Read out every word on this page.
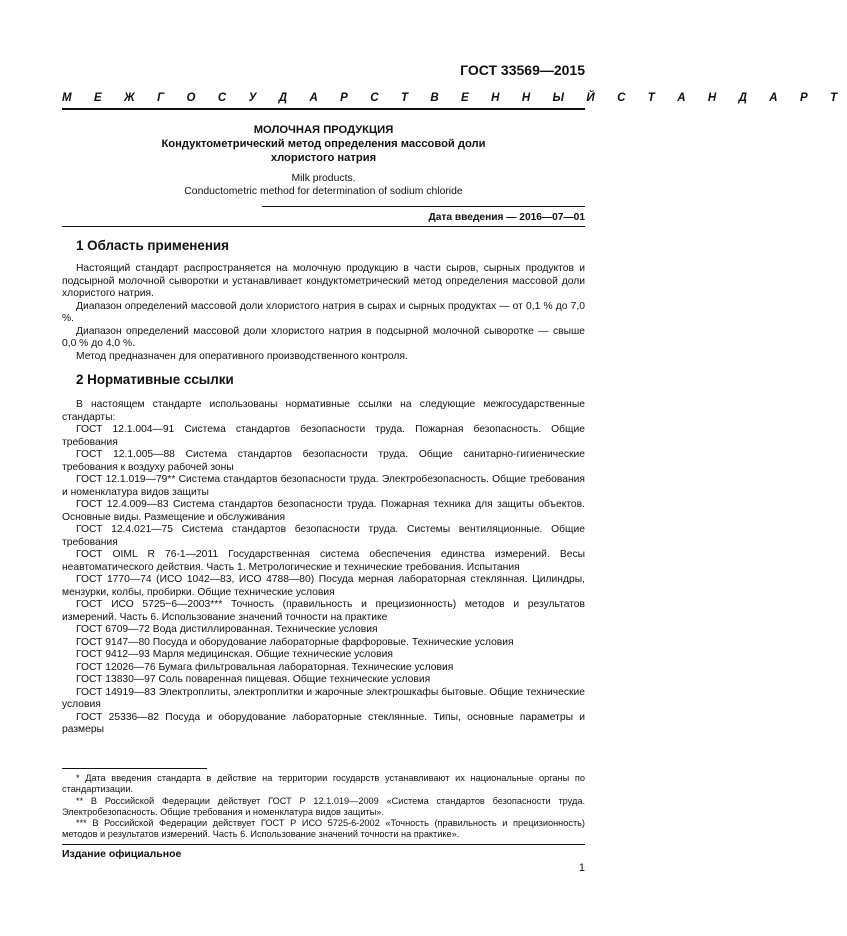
ГОСТ 33569—2015
М Е Ж Г О С У Д А Р С Т В Е Н Н Ы Й С Т А Н Д А Р Т
МОЛОЧНАЯ ПРОДУКЦИЯ
Кондуктометрический метод определения массовой доли
хлористого натрия
Milk products.
Conductometric method for determination of sodium chloride
Дата введения — 2016—07—01
1 Область применения

Настоящий стандарт распространяется на молочную продукцию в части сыров, сырных продуктов и подсырной молочной сыворотки и устанавливает кондуктометрический метод определения массовой доли хлористого натрия.

Диапазон определений массовой доли хлористого натрия в сырах и сырных продуктах — от 0,1 % до 7,0 %.

Диапазон определений массовой доли хлористого натрия в подсырной молочной сыворотке — свыше 0,0 % до 4,0 %.

Метод предназначен для оперативного производственного контроля.

2 Нормативные ссылки

В настоящем стандарте использованы нормативные ссылки на следующие межгосударственные стандарты:

ГОСТ 12.1.004—91 Система стандартов безопасности труда. Пожарная безопасность. Общие требования

ГОСТ 12.1.005—88 Система стандартов безопасности труда. Общие санитарно-гигиенические требования к воздуху рабочей зоны

ГОСТ 12.1.019—79** Система стандартов безопасности труда. Электробезопасность. Общие требования и номенклатура видов защиты

ГОСТ 12.4.009—83 Система стандартов безопасности труда. Пожарная техника для защиты объектов. Основные виды. Размещение и обслуживания

ГОСТ 12.4.021—75 Система стандартов безопасности труда. Системы вентиляционные. Общие требования

ГОСТ OIML R 76-1—2011 Государственная система обеспечения единства измерений. Весы неавтоматического действия. Часть 1. Метрологические и технические требования. Испытания

ГОСТ 1770—74 (ИСО 1042—83, ИСО 4788—80) Посуда мерная лабораторная стеклянная. Цилиндры, мензурки, колбы, пробирки. Общие технические условия

ГОСТ ИСО 5725−6—2003*** Точность (правильность и прецизионность) методов и результатов измерений. Часть 6. Использование значений точности на практике

ГОСТ 6709—72 Вода дистиллированная. Технические условия

ГОСТ 9147—80 Посуда и оборудование лабораторные фарфоровые. Технические условия

ГОСТ 9412—93 Марля медицинская. Общие технические условия

ГОСТ 12026—76 Бумага фильтровальная лабораторная. Технические условия

ГОСТ 13830—97 Соль поваренная пищевая. Общие технические условия

ГОСТ 14919—83 Электроплиты, электроплитки и жарочные электрошкафы бытовые. Общие технические условия

ГОСТ 25336—82 Посуда и оборудование лабораторные стеклянные. Типы, основные параметры и размеры

* Дата введения стандарта в действие на территории государств устанавливают их национальные органы по стандартизации.
** В Российской Федерации действует ГОСТ Р 12.1.019—2009 «Система стандартов безопасности труда. Электробезопасность. Общие требования и номенклатура видов защиты».
*** В Российской Федерации действует ГОСТ Р ИСО 5725-6-2002 «Точность (правильность и прецизионность) методов и результатов измерений. Часть 6. Использование значений точности на практике».
Издание официальное
1
